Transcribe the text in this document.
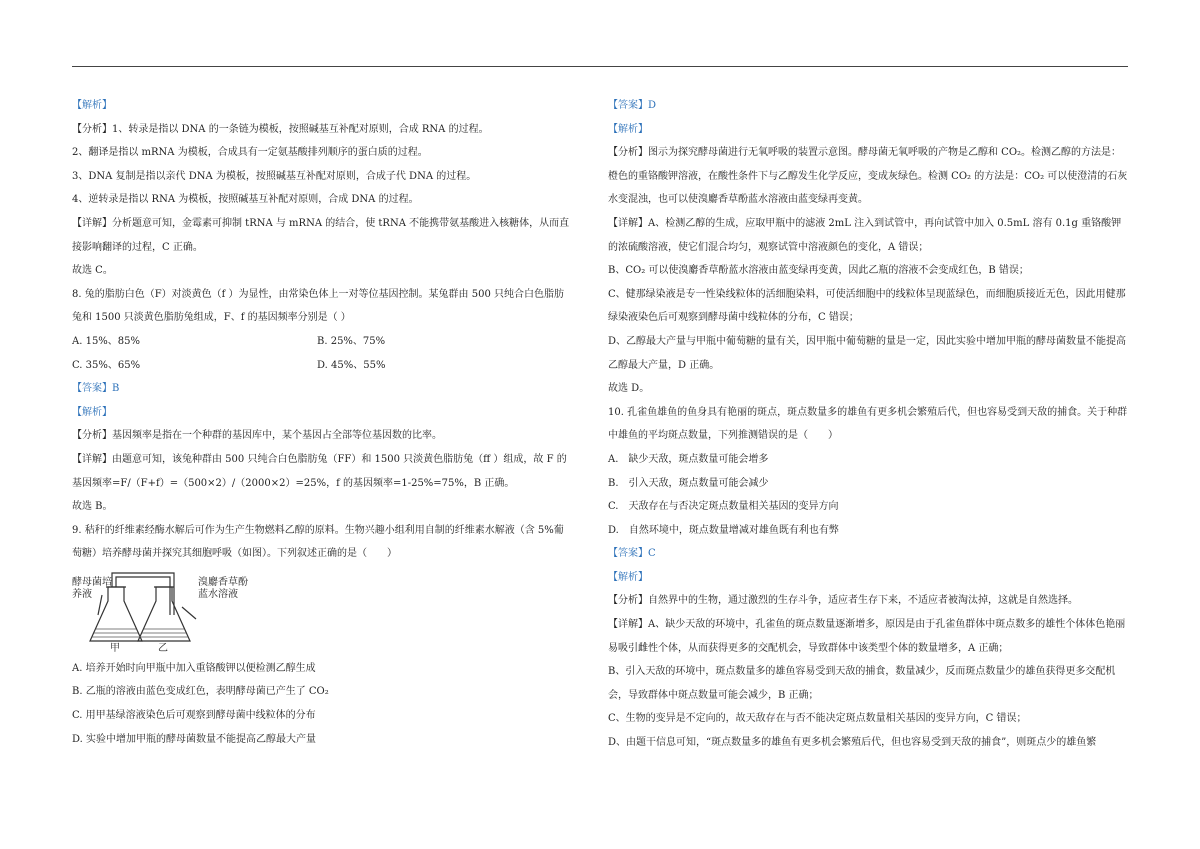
【解析】

【分析】1、转录是指以 DNA 的一条链为模板，按照碱基互补配对原则，合成 RNA 的过程。

2、翻译是指以 mRNA 为模板，合成具有一定氨基酸排列顺序的蛋白质的过程。

3、DNA 复制是指以亲代 DNA 为模板，按照碱基互补配对原则，合成子代 DNA 的过程。

4、逆转录是指以 RNA 为模板，按照碱基互补配对原则，合成 DNA 的过程。

【详解】分析题意可知，金霉素可抑制 tRNA 与 mRNA 的结合，使 tRNA 不能携带氨基酸进入核糖体，从而直接影响翻译的过程，C 正确。

故选 C。

8. 兔的脂肪白色（F）对淡黄色（f ）为显性，由常染色体上一对等位基因控制。某兔群由 500 只纯合白色脂肪兔和 1500 只淡黄色脂肪兔组成，F、f 的基因频率分别是（ ）

A. 15%、85%	B. 25%、75%
C. 35%、65%	D. 45%、55%

【答案】B

【解析】

【分析】基因频率是指在一个种群的基因库中，某个基因占全部等位基因数的比率。

【详解】由题意可知，该兔种群由 500 只纯合白色脂肪兔（FF）和 1500 只淡黄色脂肪兔（ff ）组成，故 F 的基因频率=F/（F+f）=（500×2）/（2000×2）=25%，f 的基因频率=1-25%=75%，B 正确。

故选 B。

9. 秸秆的纤维素经酶水解后可作为生产生物燃料乙醇的原料。生物兴趣小组利用自制的纤维素水解液（含 5%葡萄糖）培养酵母菌并探究其细胞呼吸（如图）。下列叙述正确的是（　　）

酵母菌培养液
溴麝香草酚蓝水溶液
甲	乙

A. 培养开始时向甲瓶中加入重铬酸钾以便检测乙醇生成

B. 乙瓶的溶液由蓝色变成红色，表明酵母菌已产生了 CO₂

C. 用甲基绿溶液染色后可观察到酵母菌中线粒体的分布

D. 实验中增加甲瓶的酵母菌数量不能提高乙醇最大产量

【答案】D

【解析】

【分析】图示为探究酵母菌进行无氧呼吸的装置示意图。酵母菌无氧呼吸的产物是乙醇和 CO₂。检测乙醇的方法是：橙色的重铬酸钾溶液，在酸性条件下与乙醇发生化学反应，变成灰绿色。检测 CO₂ 的方法是：CO₂ 可以使澄清的石灰水变混浊，也可以使溴麝香草酚蓝水溶液由蓝变绿再变黄。

【详解】A、检测乙醇的生成，应取甲瓶中的滤液 2mL 注入到试管中，再向试管中加入 0.5mL 溶有 0.1g 重铬酸钾的浓硫酸溶液，使它们混合均匀，观察试管中溶液颜色的变化，A 错误；

B、CO₂ 可以使溴麝香草酚蓝水溶液由蓝变绿再变黄，因此乙瓶的溶液不会变成红色，B 错误；

C、健那绿染液是专一性染线粒体的活细胞染料，可使活细胞中的线粒体呈现蓝绿色，而细胞质接近无色，因此用健那绿染液染色后可观察到酵母菌中线粒体的分布，C 错误；

D、乙醇最大产量与甲瓶中葡萄糖的量有关，因甲瓶中葡萄糖的量是一定，因此实验中增加甲瓶的酵母菌数量不能提高乙醇最大产量，D 正确。

故选 D。

10. 孔雀鱼雄鱼的鱼身具有艳丽的斑点，斑点数量多的雄鱼有更多机会繁殖后代，但也容易受到天敌的捕食。关于种群中雄鱼的平均斑点数量，下列推测错误的是（　　）

A.　缺少天敌，斑点数量可能会增多

B.　引入天敌，斑点数量可能会减少

C.　天敌存在与否决定斑点数量相关基因的变异方向

D.　自然环境中，斑点数量增减对雄鱼既有利也有弊

【答案】C

【解析】

【分析】自然界中的生物，通过激烈的生存斗争，适应者生存下来，不适应者被淘汰掉，这就是自然选择。

【详解】A、缺少天敌的环境中，孔雀鱼的斑点数量逐渐增多，原因是由于孔雀鱼群体中斑点数多的雄性个体体色艳丽易吸引雌性个体，从而获得更多的交配机会，导致群体中该类型个体的数量增多，A 正确；

B、引入天敌的环境中，斑点数量多的雄鱼容易受到天敌的捕食，数量减少，反而斑点数量少的雄鱼获得更多交配机会，导致群体中斑点数量可能会减少，B 正确；

C、生物的变异是不定向的，故天敌存在与否不能决定斑点数量相关基因的变异方向，C 错误；

D、由题干信息可知，“斑点数量多的雄鱼有更多机会繁殖后代，但也容易受到天敌的捕食”，则斑点少的雄鱼繁
